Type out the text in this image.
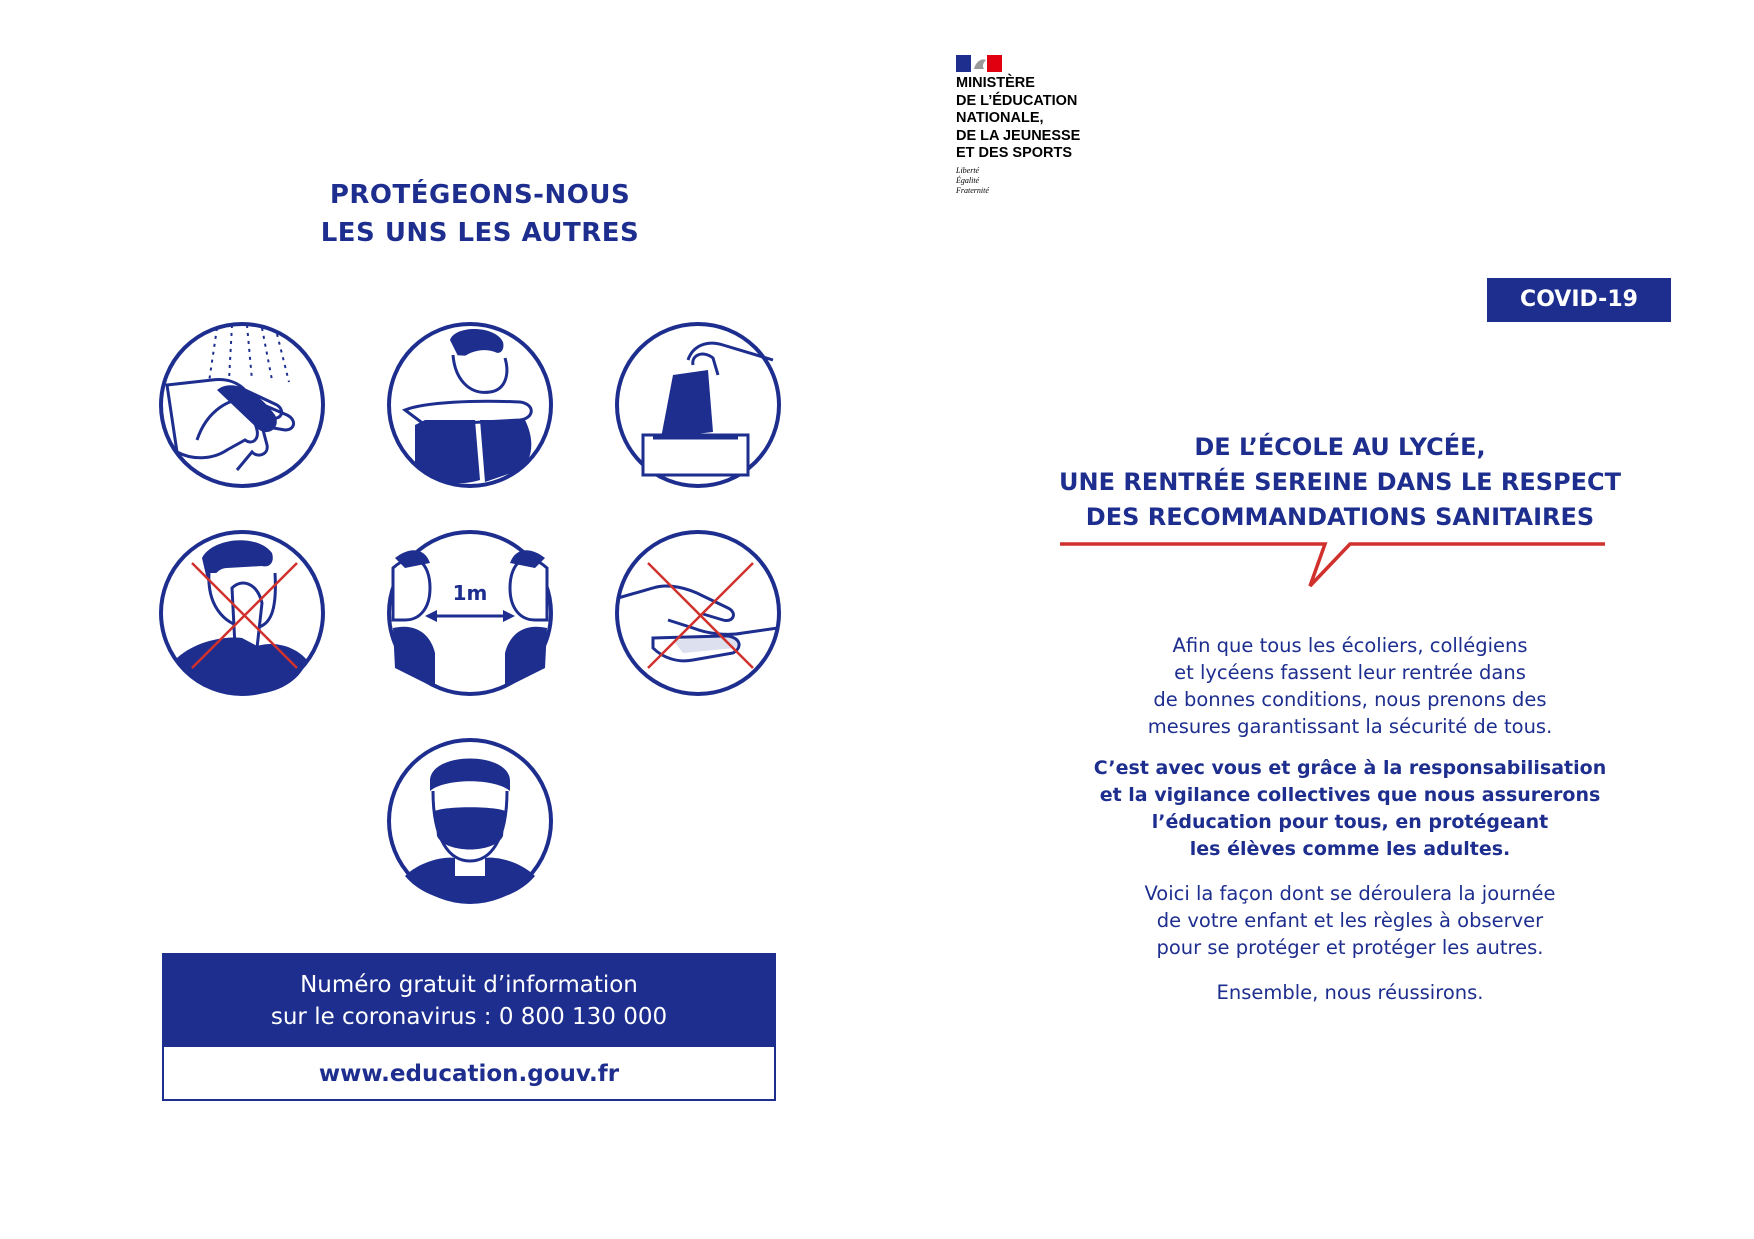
PROTÉGEONS-NOUS
LES UNS LES AUTRES
1m
Numéro gratuit d’information
sur le coronavirus : 0 800 130 000
www.education.gouv.fr
MINISTÈRE
DE L’ÉDUCATION
NATIONALE,
DE LA JEUNESSE
ET DES SPORTS
Liberté
Égalité
Fraternité
COVID-19
DE L’ÉCOLE AU LYCÉE,
UNE RENTRÉE SEREINE DANS LE RESPECT
DES RECOMMANDATIONS SANITAIRES
Afin que tous les écoliers, collégiens
et lycéens fassent leur rentrée dans
de bonnes conditions, nous prenons des
mesures garantissant la sécurité de tous.
C’est avec vous et grâce à la responsabilisation
et la vigilance collectives que nous assurerons
l’éducation pour tous, en protégeant
les élèves comme les adultes.
Voici la façon dont se déroulera la journée
de votre enfant et les règles à observer
pour se protéger et protéger les autres.
Ensemble, nous réussirons.
